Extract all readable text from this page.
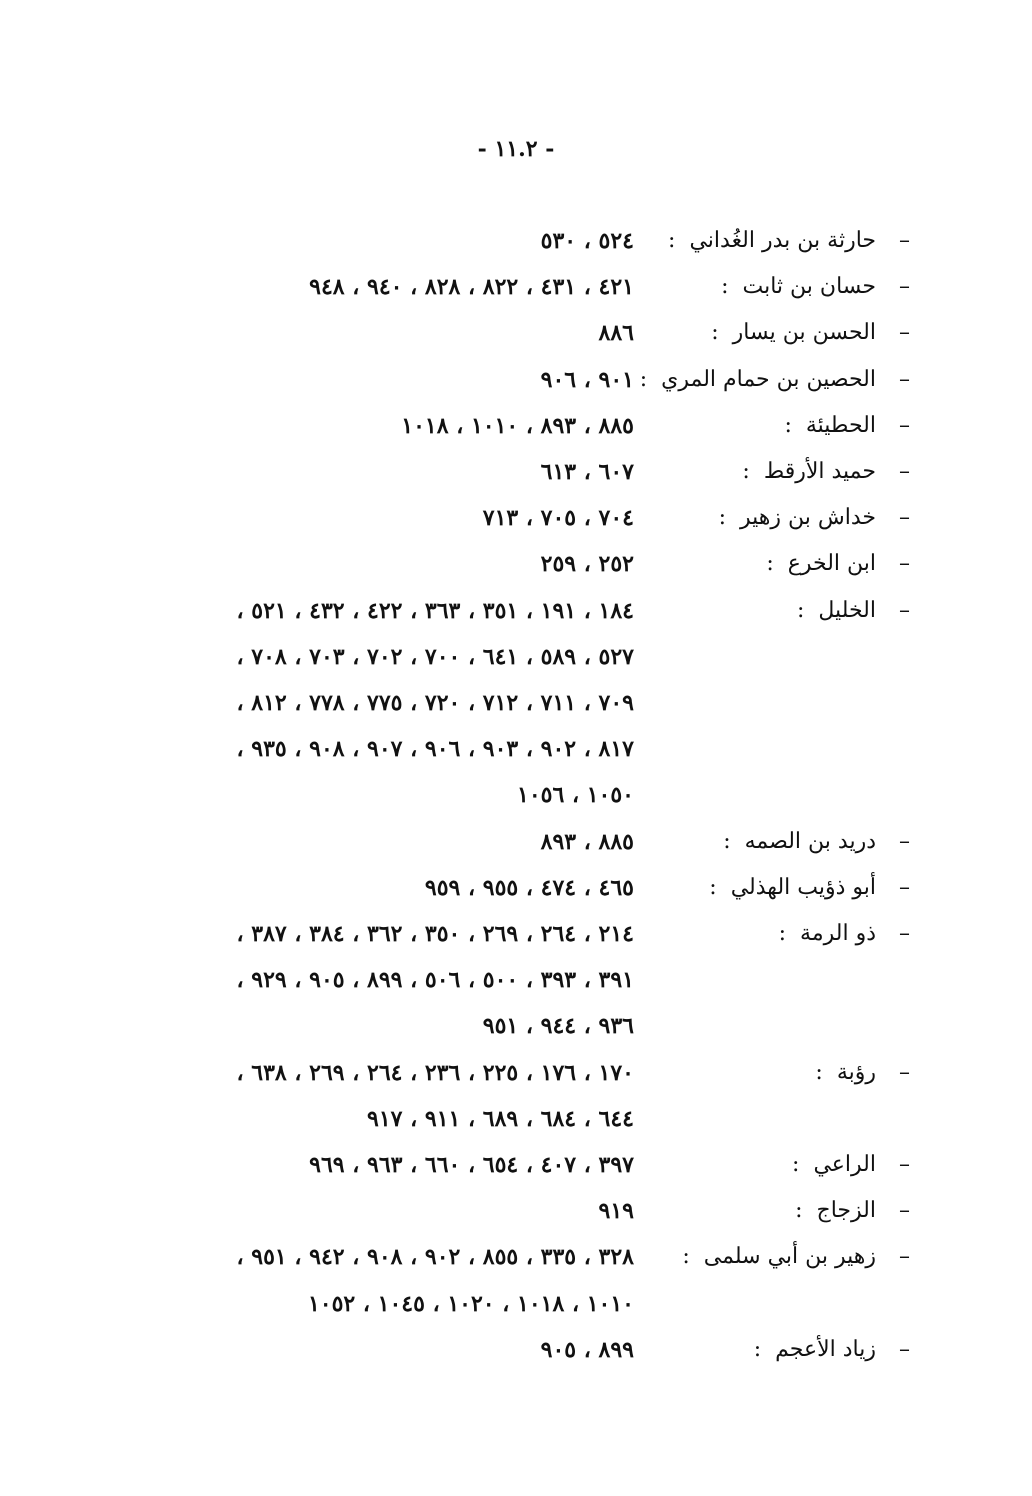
- ١١.٢ -
–
حارثة بن بدر الغُداني
:
٥٢٤ ، ٥٣٠
–
حسان بن ثابت
:
٤٢١ ، ٤٣١ ، ٨٢٢ ، ٨٢٨ ، ٩٤٠ ، ٩٤٨
–
الحسن بن يسار
:
٨٨٦
–
الحصين بن حمام المري
:
٩٠١ ، ٩٠٦
–
الحطيئة
:
٨٨٥ ، ٨٩٣ ، ١٠١٠ ، ١٠١٨
–
حميد الأرقط
:
٦٠٧ ، ٦١٣
–
خداش بن زهير
:
٧٠٤ ، ٧٠٥ ، ٧١٣
–
ابن الخرع
:
٢٥٢ ، ٢٥٩
–
الخليل
:
١٨٤ ، ١٩١ ، ٣٥١ ، ٣٦٣ ، ٤٢٢ ، ٤٣٢ ، ٥٢١ ،
٥٢٧ ، ٥٨٩ ، ٦٤١ ، ٧٠٠ ، ٧٠٢ ، ٧٠٣ ، ٧٠٨ ،
٧٠٩ ، ٧١١ ، ٧١٢ ، ٧٢٠ ، ٧٧٥ ، ٧٧٨ ، ٨١٢ ،
٨١٧ ، ٩٠٢ ، ٩٠٣ ، ٩٠٦ ، ٩٠٧ ، ٩٠٨ ، ٩٣٥ ،
١٠٥٠ ، ١٠٥٦
–
دريد بن الصمه
:
٨٨٥ ، ٨٩٣
–
أبو ذؤيب الهذلي
:
٤٦٥ ، ٤٧٤ ، ٩٥٥ ، ٩٥٩
–
ذو الرمة
:
٢١٤ ، ٢٦٤ ، ٢٦٩ ، ٣٥٠ ، ٣٦٢ ، ٣٨٤ ، ٣٨٧ ،
٣٩١ ، ٣٩٣ ، ٥٠٠ ، ٥٠٦ ، ٨٩٩ ، ٩٠٥ ، ٩٢٩ ،
٩٣٦ ، ٩٤٤ ، ٩٥١
–
رؤبة
:
١٧٠ ، ١٧٦ ، ٢٢٥ ، ٢٣٦ ، ٢٦٤ ، ٢٦٩ ، ٦٣٨ ،
٦٤٤ ، ٦٨٤ ، ٦٨٩ ، ٩١١ ، ٩١٧
–
الراعي
:
٣٩٧ ، ٤٠٧ ، ٦٥٤ ، ٦٦٠ ، ٩٦٣ ، ٩٦٩
–
الزجاج
:
٩١٩
–
زهير بن أبي سلمى
:
٣٢٨ ، ٣٣٥ ، ٨٥٥ ، ٩٠٢ ، ٩٠٨ ، ٩٤٢ ، ٩٥١ ،
١٠١٠ ، ١٠١٨ ، ١٠٢٠ ، ١٠٤٥ ، ١٠٥٢
–
زياد الأعجم
:
٨٩٩ ، ٩٠٥
